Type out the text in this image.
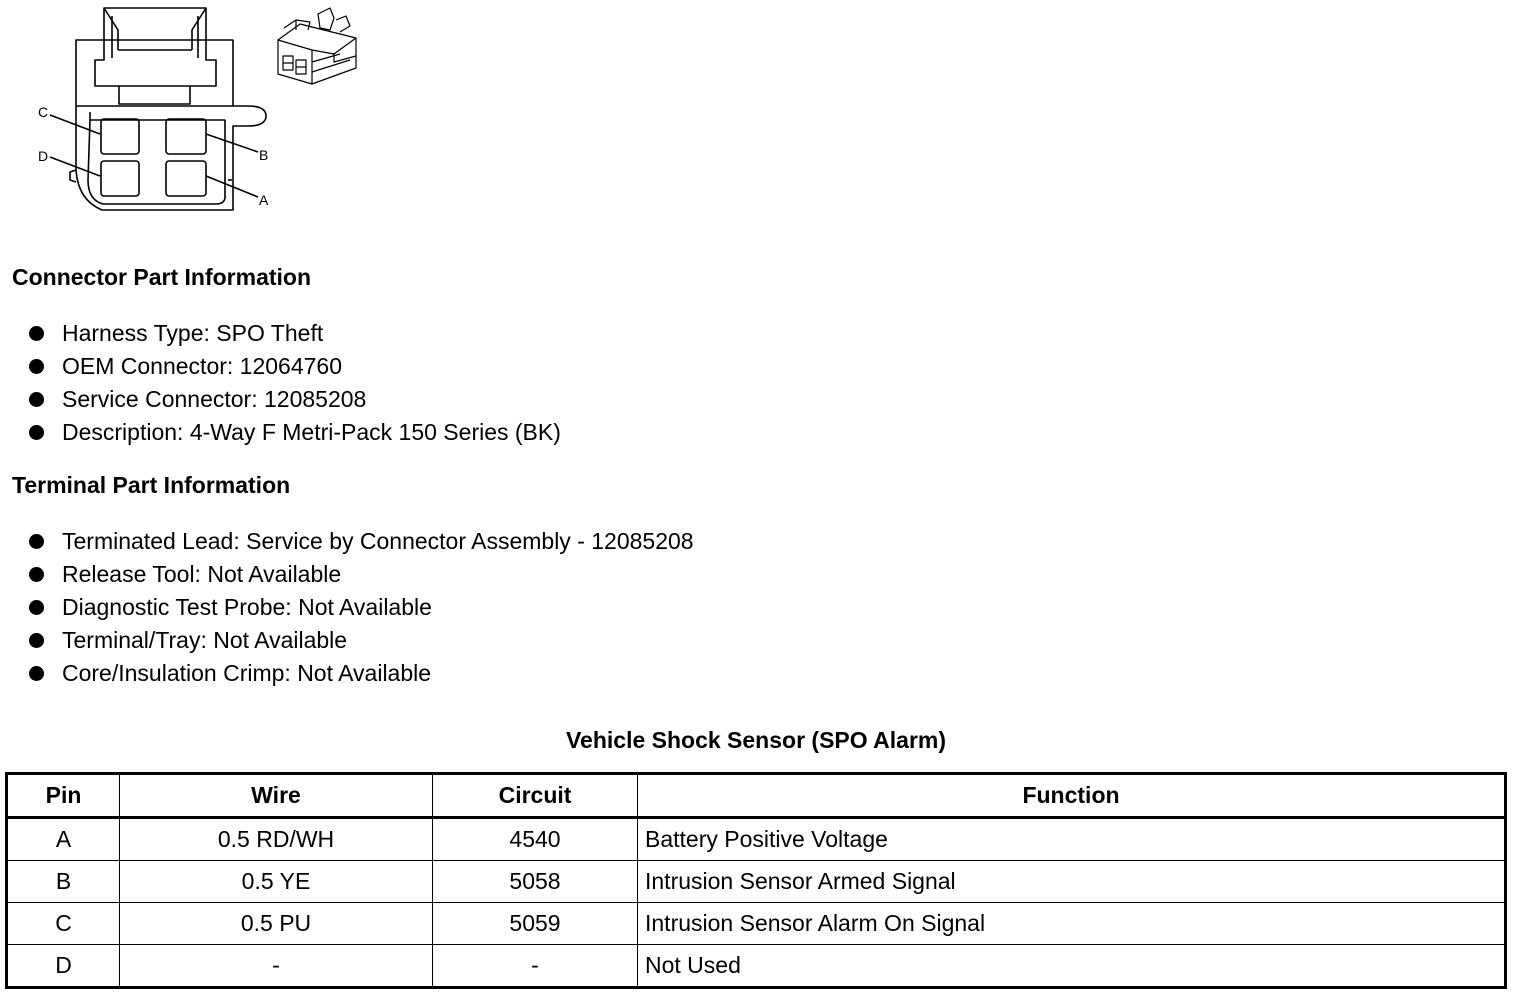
C
D	B
A
Connector Part Information
Harness Type: SPO Theft
OEM Connector: 12064760
Service Connector: 12085208
Description: 4-Way F Metri-Pack 150 Series (BK)
Terminal Part Information
Terminated Lead: Service by Connector Assembly - 12085208
Release Tool: Not Available
Diagnostic Test Probe: Not Available
Terminal/Tray: Not Available
Core/Insulation Crimp: Not Available
Vehicle Shock Sensor (SPO Alarm)
Pin	Wire	Circuit	Function
A	0.5 RD/WH	4540	Battery Positive Voltage
B	0.5 YE	5058	Intrusion Sensor Armed Signal
C	0.5 PU	5059	Intrusion Sensor Alarm On Signal
D	-	-	Not Used
